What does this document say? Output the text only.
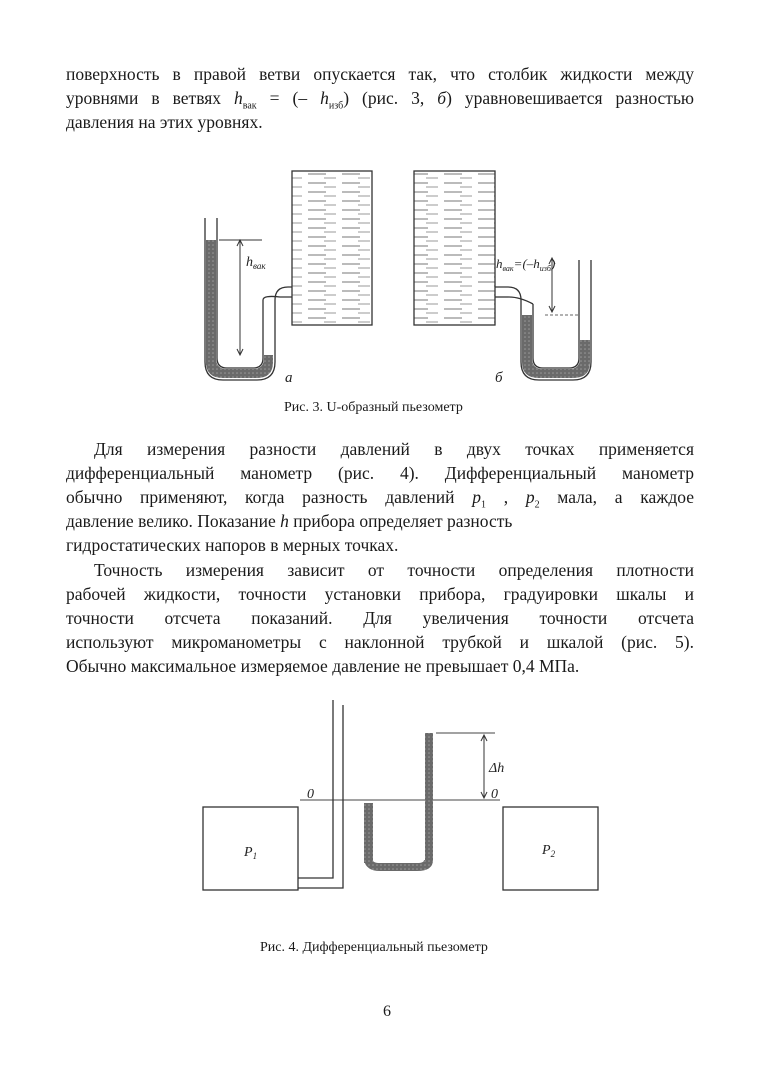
поверхность в правой ветви опускается так, что столбик жидкости между
уровнями в ветвях $h_{вак}$ = (– $h_{изб}$) (рис. 3, б) уравновешивается разностью
давления на этих уровнях.
$h_{вак}$
а
$h_{вак}=(-h_{изб})$
б
Δh
0	0
$P_1$	$P_2$
Рис. 3. U-образный пьезометр
Для измерения разности давлений в двух точках применяется
дифференциальный манометр (рис. 4). Дифференциальный манометр
обычно применяют, когда разность давлений $p_1$ , $p_2$ мала, а каждое
давление велико. Показание h прибора определяет разность
гидростатических напоров в мерных точках.
Точность измерения зависит от точности определения плотности
рабочей жидкости, точности установки прибора, градуировки шкалы и
точности отсчета показаний. Для увеличения точности отсчета
используют микроманометры с наклонной трубкой и шкалой (рис. 5).
Обычно максимальное измеряемое давление не превышает 0,4 МПа.
Рис. 4. Дифференциальный пьезометр
6
